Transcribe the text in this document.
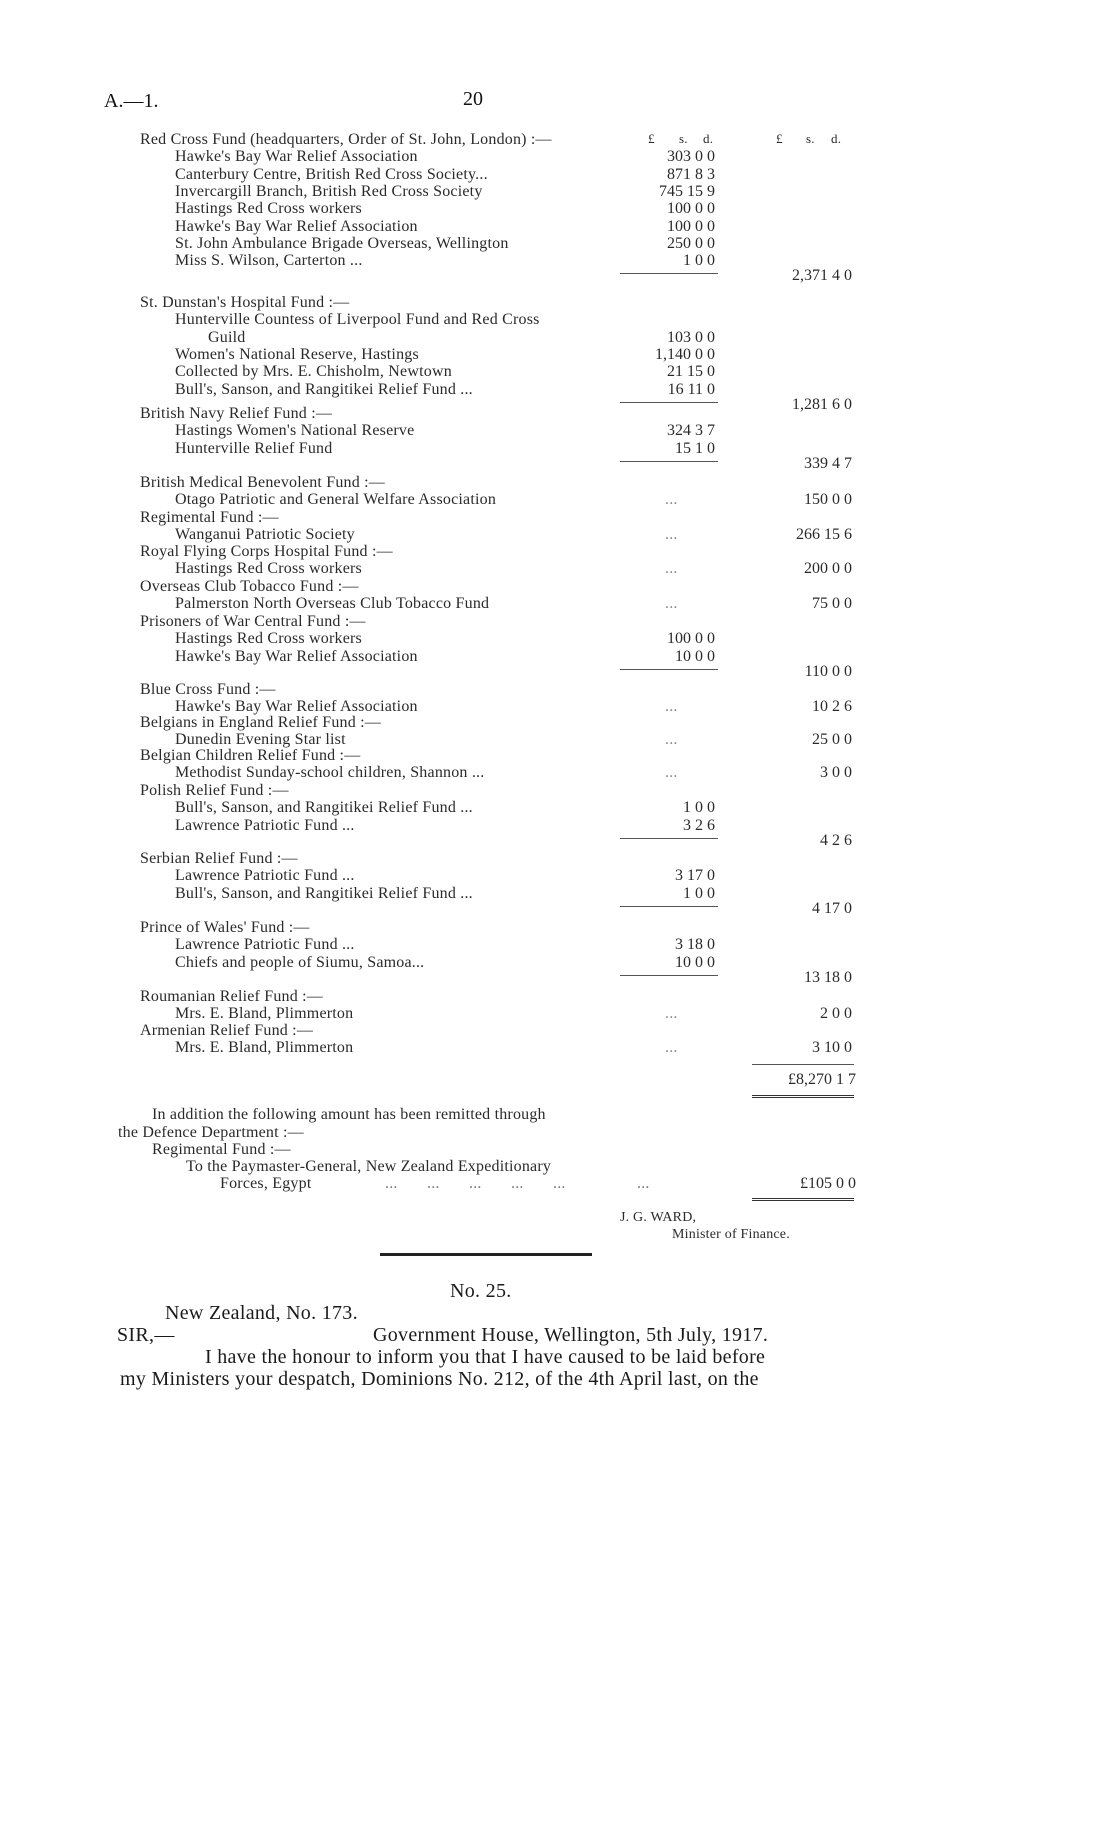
A.—1.	20
£ s. d.	£ s. d.
Red Cross Fund (headquarters, Order of St. John, London) :—
Hawke's Bay War Relief Association	303 0 0
Canterbury Centre, British Red Cross Society...	871 8 3
Invercargill Branch, British Red Cross Society	745 15 9
Hastings Red Cross workers	100 0 0
Hawke's Bay War Relief Association	100 0 0
St. John Ambulance Brigade Overseas, Wellington	250 0 0
Miss S. Wilson, Carterton ...	1 0 0
2,371 4 0
St. Dunstan's Hospital Fund :—
Hunterville Countess of Liverpool Fund and Red Cross
Guild	103 0 0
Women's National Reserve, Hastings	1,140 0 0
Collected by Mrs. E. Chisholm, Newtown	21 15 0
Bull's, Sanson, and Rangitikei Relief Fund ...	16 11 0
1,281 6 0
British Navy Relief Fund :—
Hastings Women's National Reserve	324 3 7
Hunterville Relief Fund	15 1 0
339 4 7
British Medical Benevolent Fund :—
Otago Patriotic and General Welfare Association	...	150 0 0
Regimental Fund :—
Wanganui Patriotic Society	...	266 15 6
Royal Flying Corps Hospital Fund :—
Hastings Red Cross workers	...	200 0 0
Overseas Club Tobacco Fund :—
Palmerston North Overseas Club Tobacco Fund	...	75 0 0
Prisoners of War Central Fund :—
Hastings Red Cross workers	100 0 0
Hawke's Bay War Relief Association	10 0 0
110 0 0
Blue Cross Fund :—
Hawke's Bay War Relief Association	...	10 2 6
Belgians in England Relief Fund :—
Dunedin Evening Star list	...	25 0 0
Belgian Children Relief Fund :—
Methodist Sunday-school children, Shannon ...	...	3 0 0
Polish Relief Fund :—
Bull's, Sanson, and Rangitikei Relief Fund ...	1 0 0
Lawrence Patriotic Fund ...	3 2 6
4 2 6
Serbian Relief Fund :—
Lawrence Patriotic Fund ...	3 17 0
Bull's, Sanson, and Rangitikei Relief Fund ...	1 0 0
4 17 0
Prince of Wales' Fund :—
Lawrence Patriotic Fund ...	3 18 0
Chiefs and people of Siumu, Samoa...	10 0 0
13 18 0
Roumanian Relief Fund :—
Mrs. E. Bland, Plimmerton	...	2 0 0
Armenian Relief Fund :—
Mrs. E. Bland, Plimmerton	...	3 10 0
£8,270 1 7
In addition the following amount has been remitted through
the Defence Department :—
Regimental Fund :—
To the Paymaster-General, New Zealand Expeditionary
Forces, Egypt	...       ...       ...       ...       ...                 ...	£105 0 0
J. G. WARD,
Minister of Finance.
No. 25.
New Zealand, No. 173.
SIR,—	Government House, Wellington, 5th July, 1917.
I have the honour to inform you that I have caused to be laid before
my Ministers your despatch, Dominions No. 212, of the 4th April last, on the
